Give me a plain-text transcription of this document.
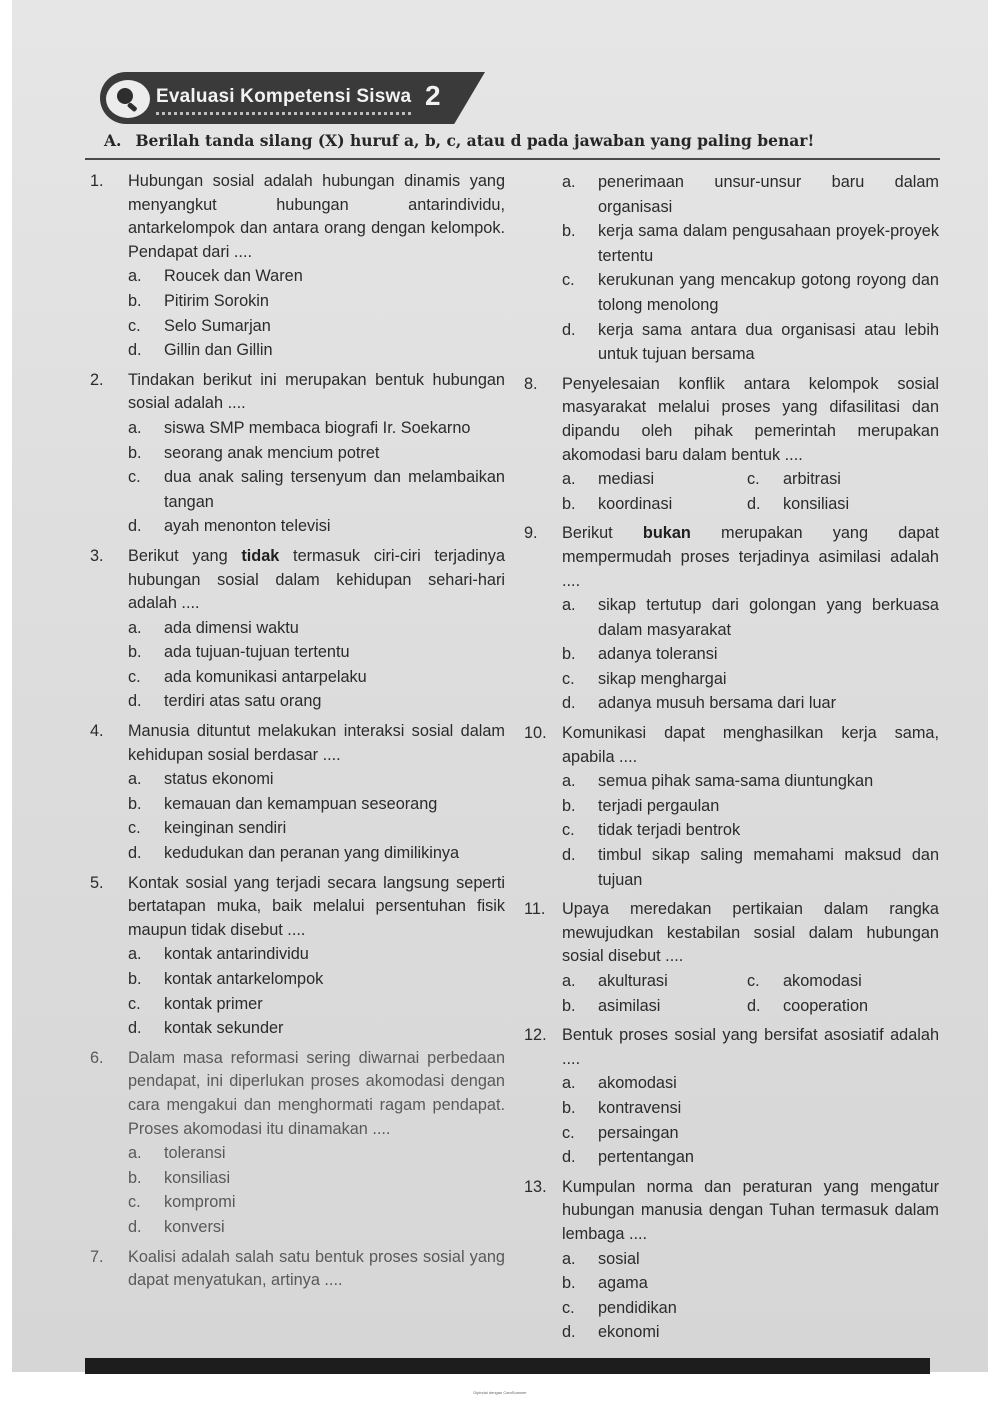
Evaluasi Kompetensi Siswa 2
A. Berilah tanda silang (X) huruf a, b, c, atau d pada jawaban yang paling benar!
1. Hubungan sosial adalah hubungan dinamis yang menyangkut hubungan antarindividu, antarkelompok dan antara orang dengan kelompok. Pendapat dari ....
a.	Roucek dan Waren
b.	Pitirim Sorokin
c.	Selo Sumarjan
d.	Gillin dan Gillin
2. Tindakan berikut ini merupakan bentuk hubungan sosial adalah ....
a.	siswa SMP membaca biografi Ir. Soekarno
b.	seorang anak mencium potret
c.	dua anak saling tersenyum dan melambaikan tangan
d.	ayah menonton televisi
3. Berikut yang tidak termasuk ciri-ciri terjadinya hubungan sosial dalam kehidupan sehari-hari adalah ....
a.	ada dimensi waktu
b.	ada tujuan-tujuan tertentu
c.	ada komunikasi antarpelaku
d.	terdiri atas satu orang
4. Manusia dituntut melakukan interaksi sosial dalam kehidupan sosial berdasar ....
a.	status ekonomi
b.	kemauan dan kemampuan seseorang
c.	keinginan sendiri
d.	kedudukan dan peranan yang dimilikinya
5. Kontak sosial yang terjadi secara langsung seperti bertatapan muka, baik melalui persentuhan fisik maupun tidak disebut ....
a.	kontak antarindividu
b.	kontak antarkelompok
c.	kontak primer
d.	kontak sekunder
6. Dalam masa reformasi sering diwarnai perbedaan pendapat, ini diperlukan proses akomodasi dengan cara mengakui dan menghormati ragam pendapat. Proses akomodasi itu dinamakan ....
a.	toleransi
b.	konsiliasi
c.	kompromi
d.	konversi
7. Koalisi adalah salah satu bentuk proses sosial yang dapat menyatukan, artinya ....
a.	penerimaan unsur-unsur baru dalam organisasi
b.	kerja sama dalam pengusahaan proyek-proyek tertentu
c.	kerukunan yang mencakup gotong royong dan tolong menolong
d.	kerja sama antara dua organisasi atau lebih untuk tujuan bersama
8. Penyelesaian konflik antara kelompok sosial masyarakat melalui proses yang difasilitasi dan dipandu oleh pihak pemerintah merupakan akomodasi baru dalam bentuk ....
a.	mediasi	c.	arbitrasi
b.	koordinasi	d.	konsiliasi
9. Berikut bukan merupakan yang dapat mempermudah proses terjadinya asimilasi adalah ....
a.	sikap tertutup dari golongan yang berkuasa dalam masyarakat
b.	adanya toleransi
c.	sikap menghargai
d.	adanya musuh bersama dari luar
10. Komunikasi dapat menghasilkan kerja sama, apabila ....
a.	semua pihak sama-sama diuntungkan
b.	terjadi pergaulan
c.	tidak terjadi bentrok
d.	timbul sikap saling memahami maksud dan tujuan
11. Upaya meredakan pertikaian dalam rangka mewujudkan kestabilan sosial dalam hubungan sosial disebut ....
a.	akulturasi	c.	akomodasi
b.	asimilasi	d.	cooperation
12. Bentuk proses sosial yang bersifat asosiatif adalah ....
a.	akomodasi
b.	kontravensi
c.	persaingan
d.	pertentangan
13. Kumpulan norma dan peraturan yang mengatur hubungan manusia dengan Tuhan termasuk dalam lembaga ....
a.	sosial
b.	agama
c.	pendidikan
d.	ekonomi
Dipindai dengan CamScanner
